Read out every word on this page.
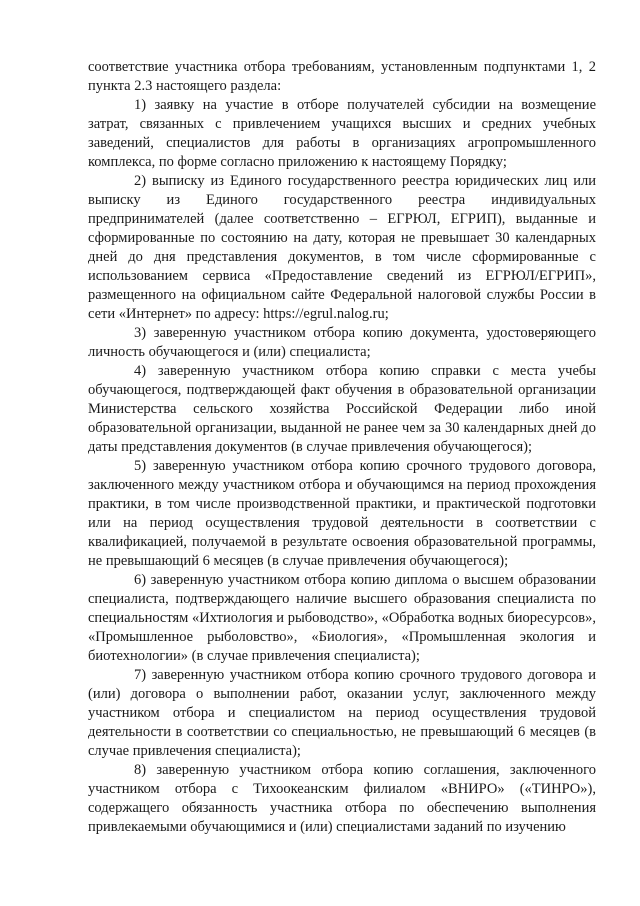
соответствие участника отбора требованиям, установленным подпунктами 1, 2 пункта 2.3 настоящего раздела:

1) заявку на участие в отборе получателей субсидии на возмещение затрат, связанных с привлечением учащихся высших и средних учебных заведений, специалистов для работы в организациях агропромышленного комплекса, по форме согласно приложению к настоящему Порядку;

2) выписку из Единого государственного реестра юридических лиц или выписку из Единого государственного реестра индивидуальных предпринимателей (далее соответственно – ЕГРЮЛ, ЕГРИП), выданные и сформированные по состоянию на дату, которая не превышает 30 календарных дней до дня представления документов, в том числе сформированные с использованием сервиса «Предоставление сведений из ЕГРЮЛ/ЕГРИП», размещенного на официальном сайте Федеральной налоговой службы России в сети «Интернет» по адресу: https://egrul.nalog.ru;

3) заверенную участником отбора копию документа, удостоверяющего личность обучающегося и (или) специалиста;

4) заверенную участником отбора копию справки с места учебы обучающегося, подтверждающей факт обучения в образовательной организации Министерства сельского хозяйства Российской Федерации либо иной образовательной организации, выданной не ранее чем за 30 календарных дней до даты представления документов (в случае привлечения обучающегося);

5) заверенную участником отбора копию срочного трудового договора, заключенного между участником отбора и обучающимся на период прохождения практики, в том числе производственной практики, и практической подготовки или на период осуществления трудовой деятельности в соответствии с квалификацией, получаемой в результате освоения образовательной программы, не превышающий 6 месяцев (в случае привлечения обучающегося);

6) заверенную участником отбора копию диплома о высшем образовании специалиста, подтверждающего наличие высшего образования специалиста по специальностям «Ихтиология и рыбоводство», «Обработка водных биоресурсов», «Промышленное рыболовство», «Биология», «Промышленная экология и биотехнологии» (в случае привлечения специалиста);

7) заверенную участником отбора копию срочного трудового договора и (или) договора о выполнении работ, оказании услуг, заключенного между участником отбора и специалистом на период осуществления трудовой деятельности в соответствии со специальностью, не превышающий 6 месяцев (в случае привлечения специалиста);

8) заверенную участником отбора копию соглашения, заключенного участником отбора с Тихоокеанским филиалом «ВНИРО» («ТИНРО»), содержащего обязанность участника отбора по обеспечению выполнения привлекаемыми обучающимися и (или) специалистами заданий по изучению
